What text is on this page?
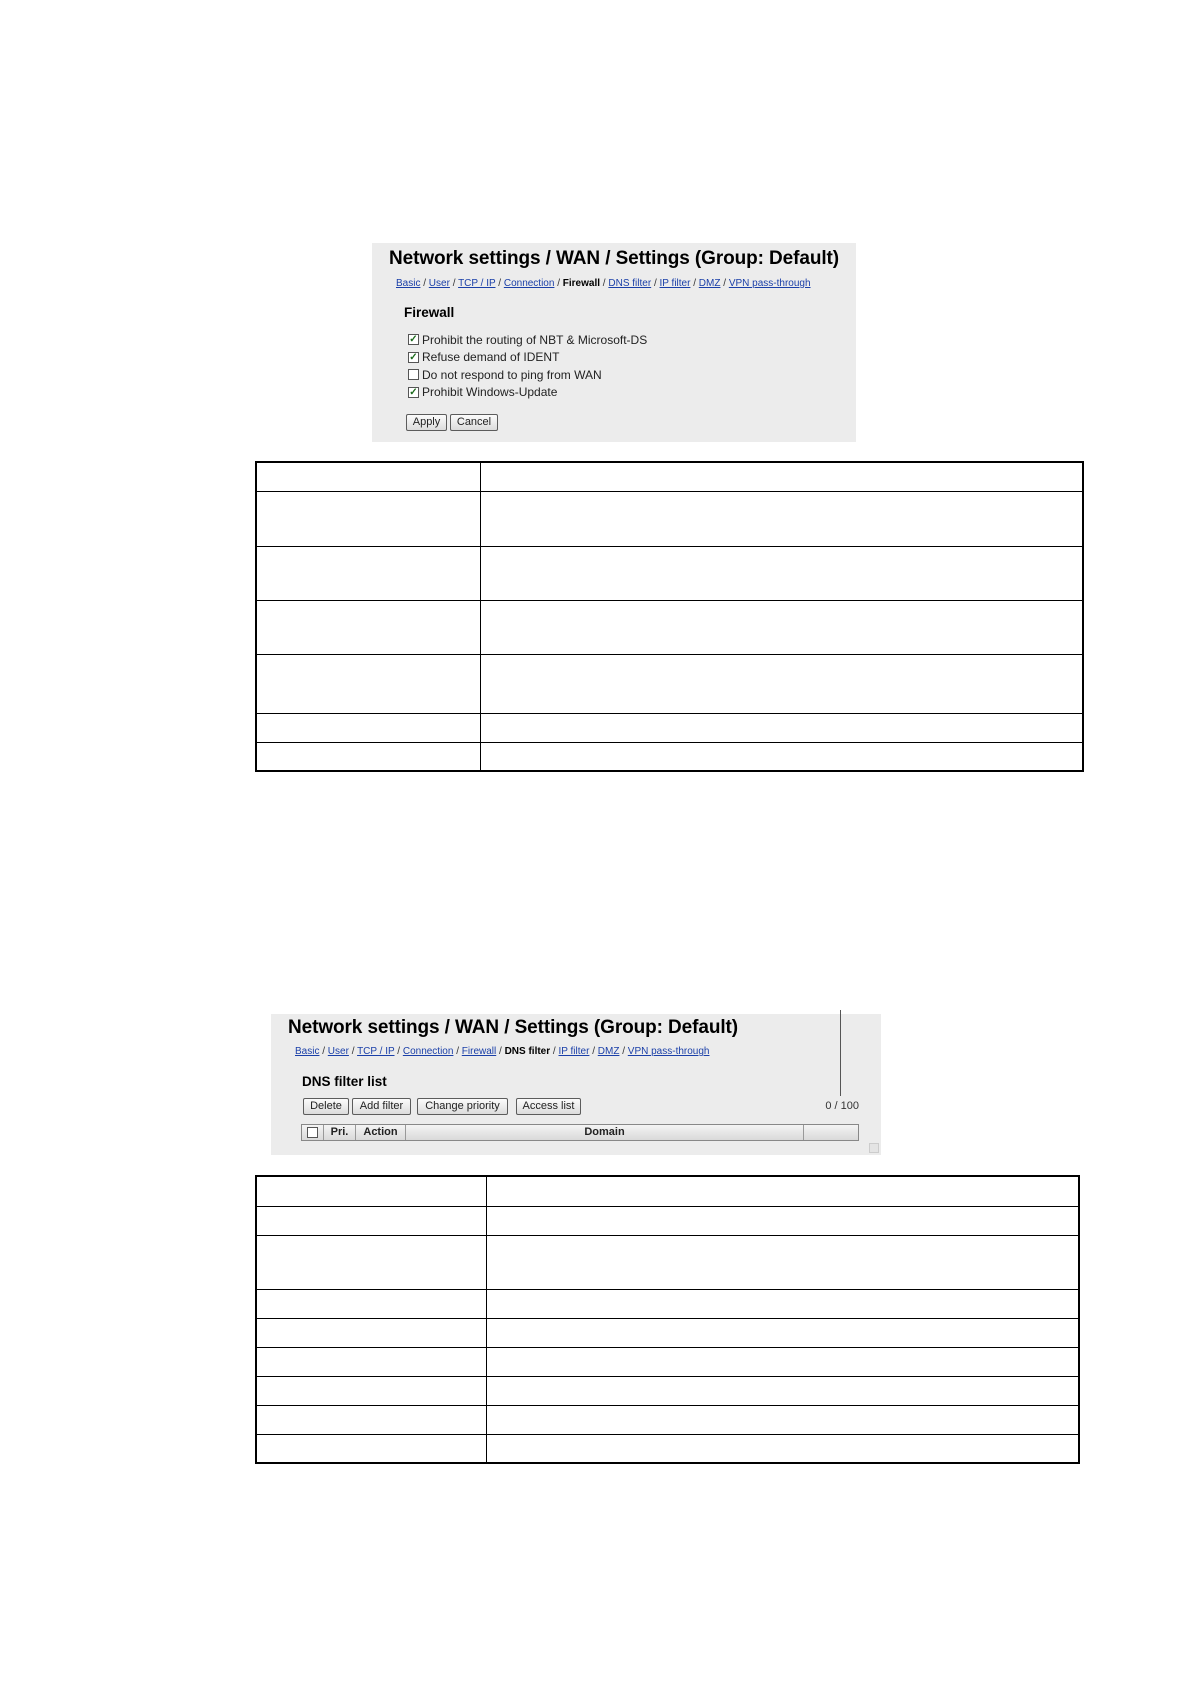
Network settings / WAN / Settings (Group: Default)
Basic / User / TCP / IP / Connection / Firewall / DNS filter / IP filter / DMZ / VPN pass-through
Firewall
✓ Prohibit the routing of NBT & Microsoft-DS
✓ Refuse demand of IDENT
Do not respond to ping from WAN
✓ Prohibit Windows-Update
Apply	Cancel

Network settings / WAN / Settings (Group: Default)
Basic / User / TCP / IP / Connection / Firewall / DNS filter / IP filter / DMZ / VPN pass-through
DNS filter list
Delete	Add filter	Change priority	Access list	0 / 100
Pri.	Action	Domain
